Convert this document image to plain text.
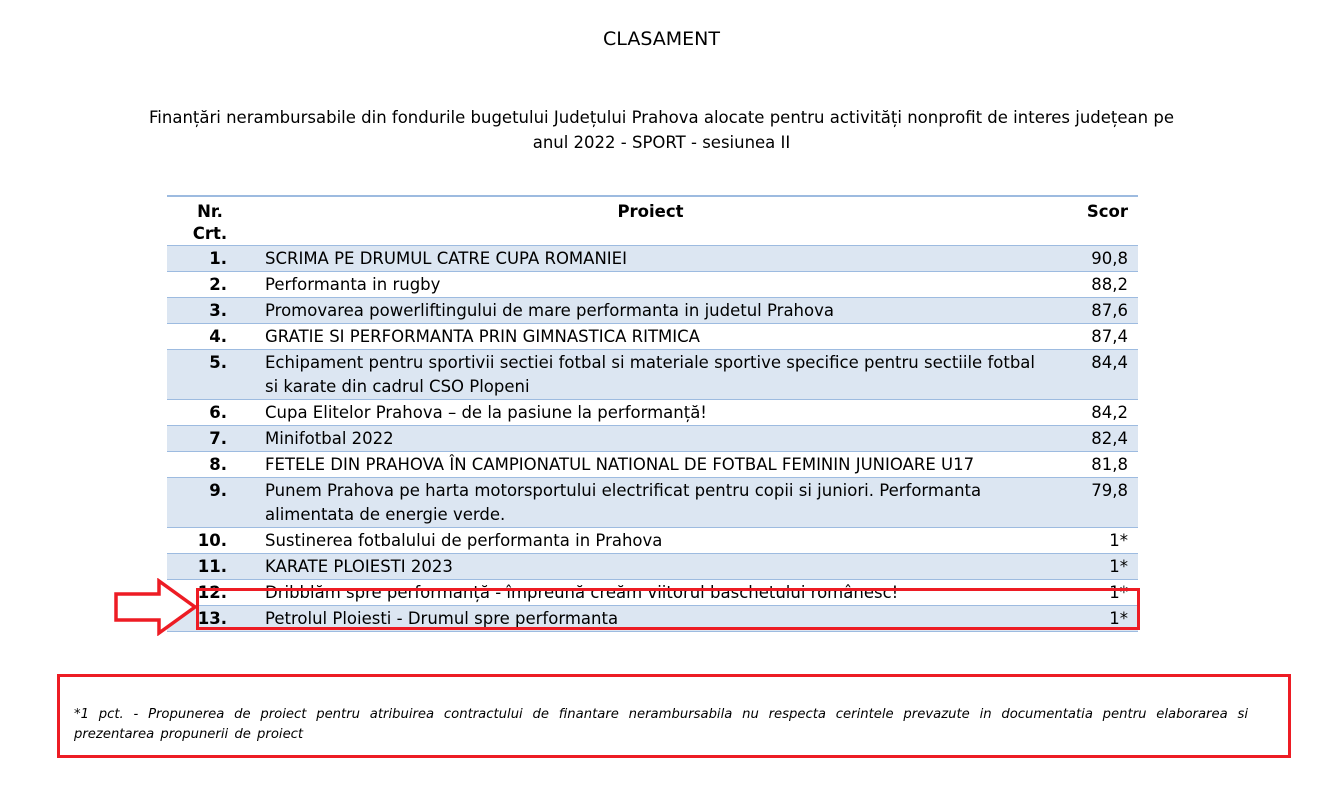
CLASAMENT
Finanțări nerambursabile din fondurile bugetului Județului Prahova alocate pentru activități nonprofit de interes județean pe
anul 2022 - SPORT - sesiunea II
Nr.
Crt.	Proiect	Scor
1.	SCRIMA PE DRUMUL CATRE CUPA ROMANIEI	90,8
2.	Performanta in rugby	88,2
3.	Promovarea powerliftingului de mare performanta in judetul Prahova	87,6
4.	GRATIE SI PERFORMANTA PRIN GIMNASTICA RITMICA	87,4
5.	Echipament pentru sportivii sectiei fotbal si materiale sportive specifice pentru sectiile fotbal si karate din cadrul CSO Plopeni	84,4
6.	Cupa Elitelor Prahova – de la pasiune la performanță!	84,2
7.	Minifotbal 2022	82,4
8.	FETELE DIN PRAHOVA ÎN CAMPIONATUL NATIONAL DE FOTBAL FEMININ JUNIOARE U17	81,8
9.	Punem Prahova pe harta motorsportului electrificat pentru copii si juniori. Performanta alimentata de energie verde.	79,8
10.	Sustinerea fotbalului de performanta in Prahova	1*
11.	KARATE PLOIESTI 2023	1*
12.	Dribblăm spre performanță - împreună creăm viitorul baschetului românesc!	1*
13.	Petrolul Ploiesti - Drumul spre performanta	1*
*1 pct. - Propunerea de proiect pentru atribuirea contractului de finantare nerambursabila nu respecta cerintele prevazute in documentatia pentru elaborarea si prezentarea propunerii de proiect
